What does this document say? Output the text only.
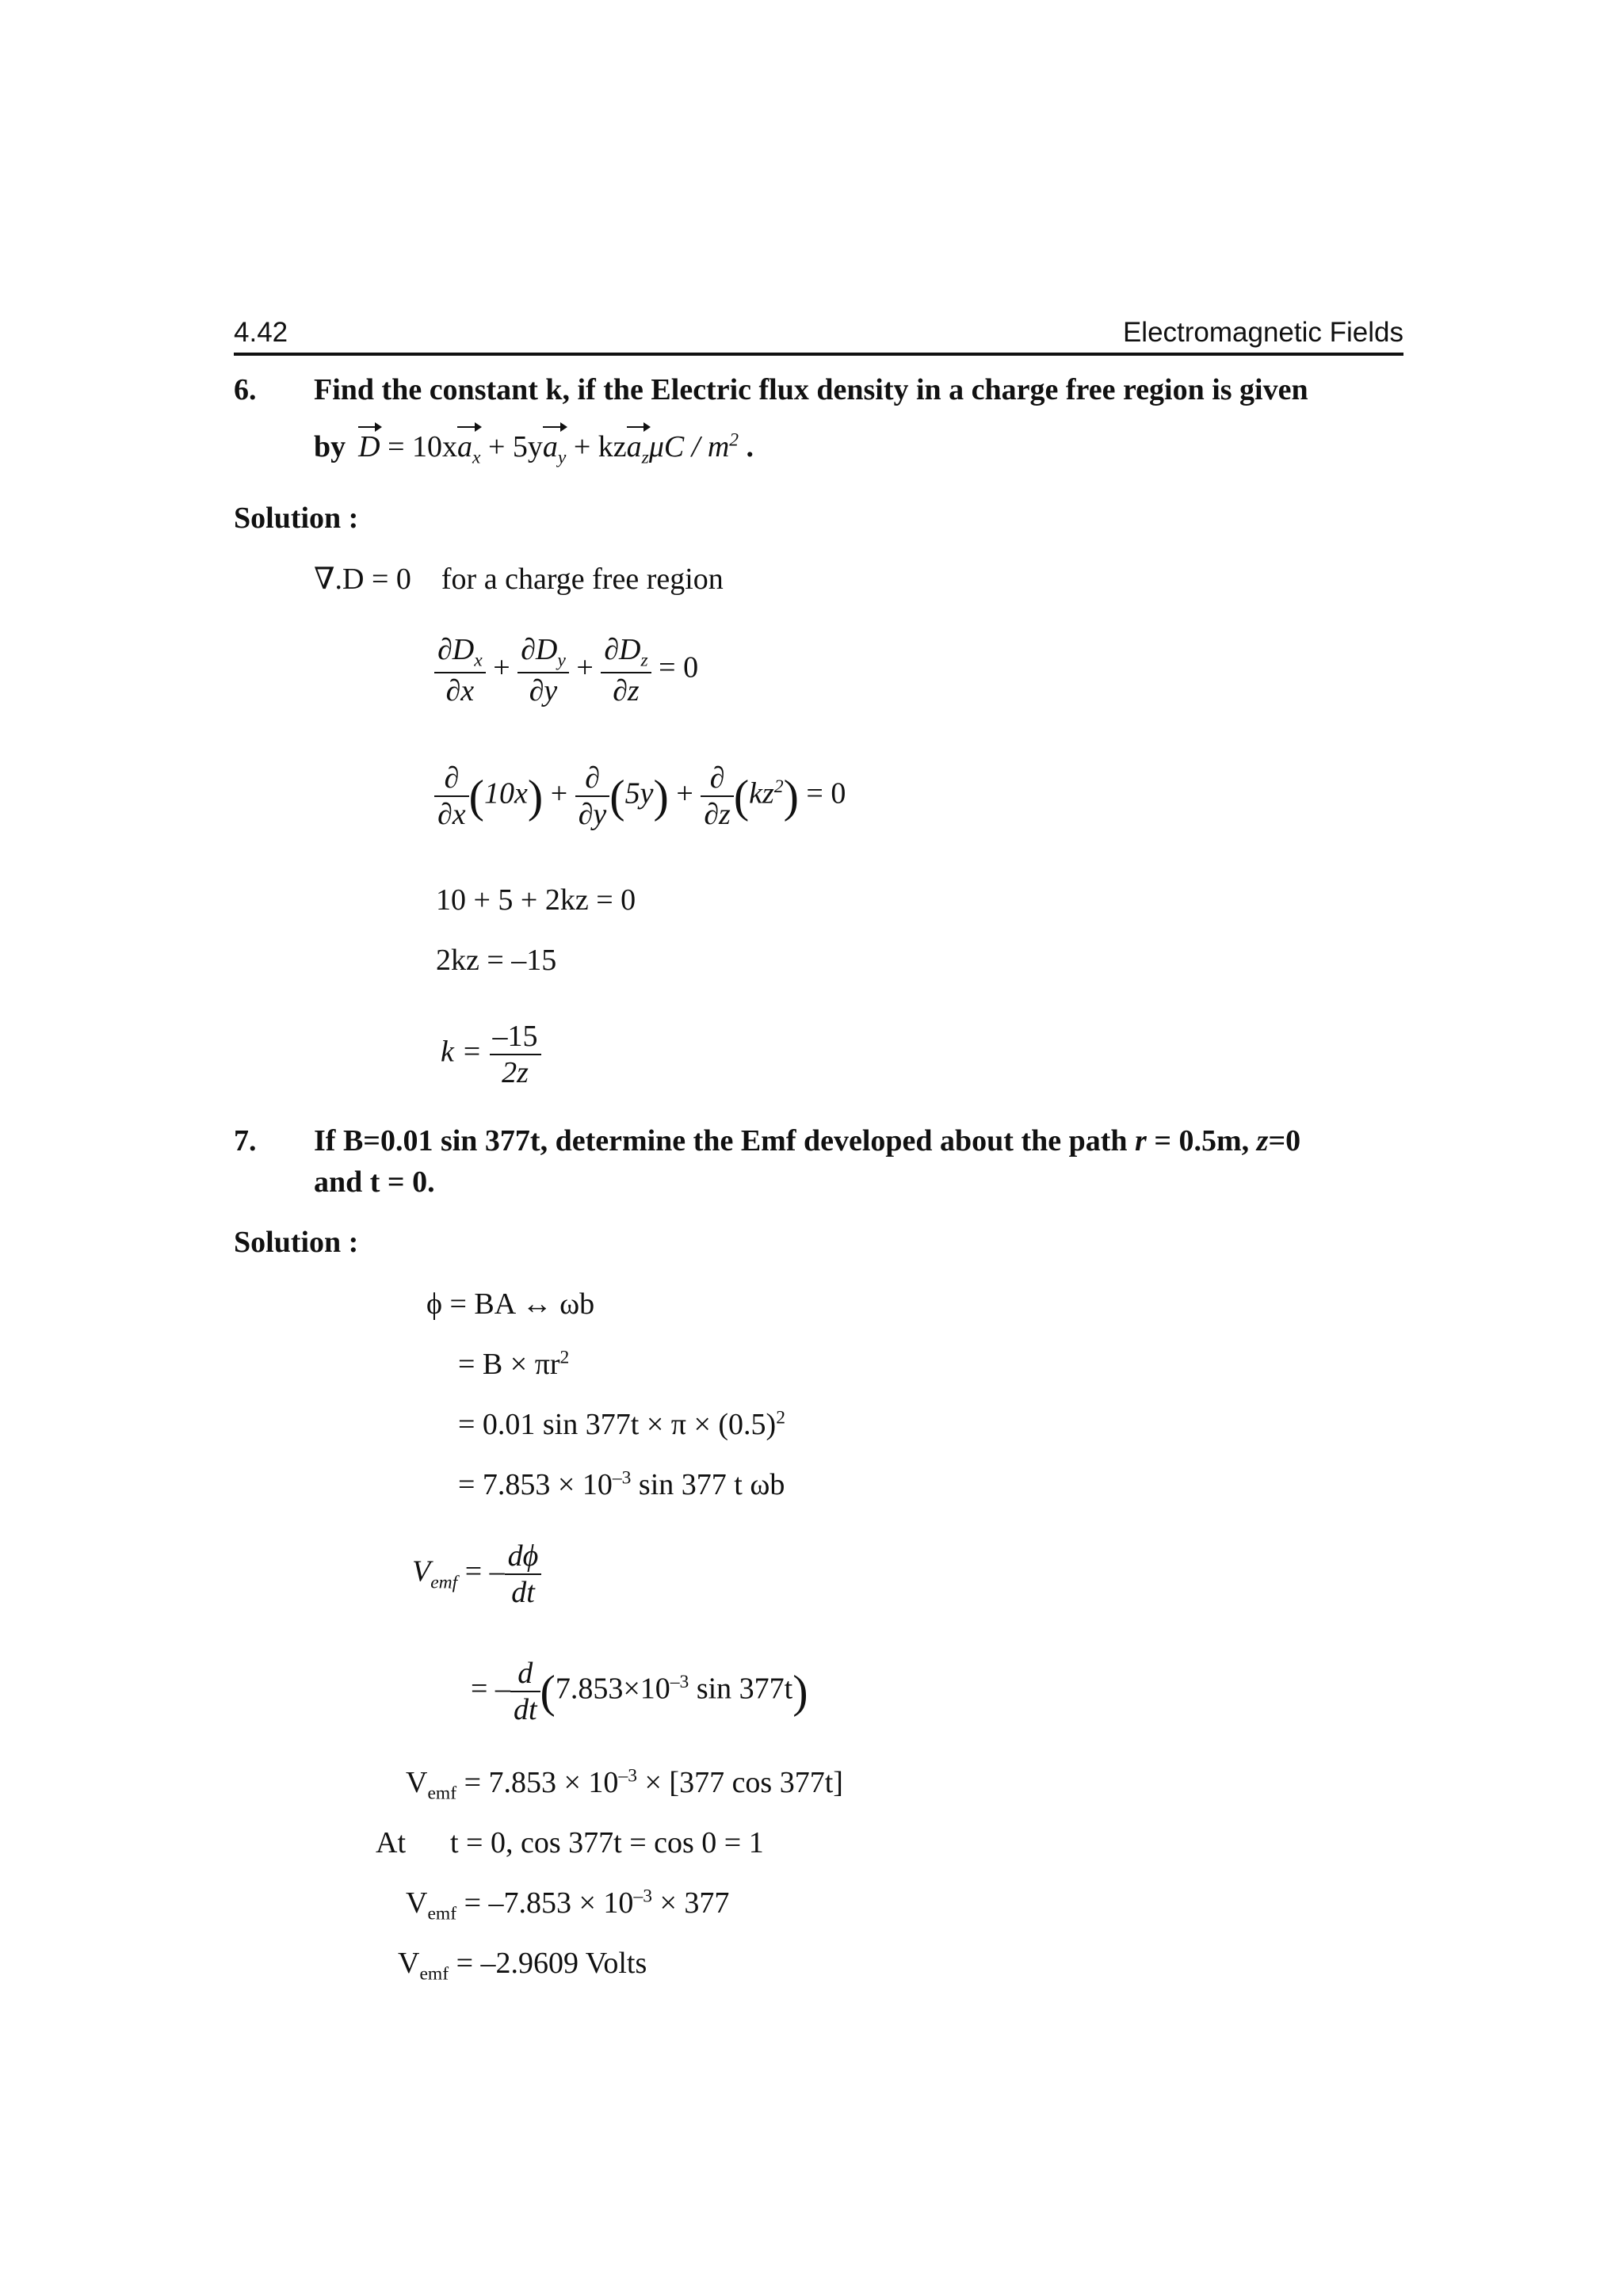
4.42	Electromagnetic Fields
6. Find the constant k, if the Electric flux density in a charge free region is given
by $D = 10xa_x + 5ya_y + kza_z\mu C / m^2$ .
Solution :
∇.D = 0 for a charge free region
$\frac{\partial D_x}{\partial x} + \frac{\partial D_y}{\partial y} + \frac{\partial D_z}{\partial z} = 0$
$\frac{\partial}{\partial x} (10x) + \frac{\partial}{\partial y} (5y) + \frac{\partial}{\partial z} (kz^2) = 0$
10 + 5 + 2kz = 0
2kz = –15
$k = \frac{-15}{2z}$
7. If B=0.01 sin 377t, determine the Emf developed about the path r = 0.5m, z=0
and t = 0.
Solution :
ϕ = BA ↔ ωb
= $B \times \pi r^2$
= 0.01 $\sin 377t \times \pi \times (0.5)^2$
= $7.853 \times 10^{-3}$ sin 377 t ωb
$V_{emf}$ = – $\frac{d\phi}{dt}$
= – $\frac{d}{dt} (7.853\times 10^{-3}$ sin 377t)
$V_{emf} = 7.853 \times 10^{-3} \times [377$ cos 377t]
At t = 0, cos 377t = cos 0 = 1
$V_{emf} = -7.853 \times 10^{-3} \times 377$
$V_{emf} = -2.9609$ Volts
